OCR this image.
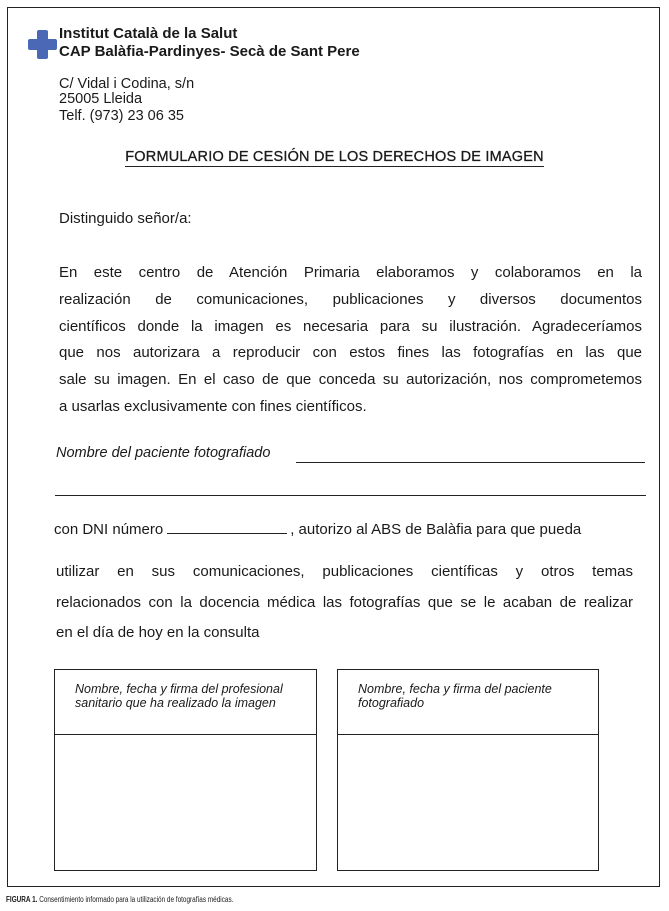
Institut Català de la Salut
CAP Balàfia-Pardinyes- Secà de Sant Pere
C/ Vidal i Codina, s/n
25005 Lleida
Telf. (973) 23 06 35
FORMULARIO DE CESIÓN DE LOS DERECHOS DE IMAGEN
Distinguido señor/a:
En este centro de Atención Primaria elaboramos y colaboramos en la
realización de comunicaciones, publicaciones y diversos documentos
científicos donde la imagen es necesaria para su ilustración. Agradeceríamos
que nos autorizara a reproducir con estos fines las fotografías en las que
sale su imagen. En el caso de que conceda su autorización, nos comprometemos
a usarlas exclusivamente con fines científicos.
Nombre del paciente fotografiado
con DNI número	, autorizo al ABS de Balàfia para que pueda
utilizar en sus comunicaciones, publicaciones científicas y otros temas
relacionados con la docencia médica las fotografías que se le acaban de realizar
en el día de hoy en la consulta
Nombre, fecha y firma del profesional
sanitario que ha realizado la imagen
Nombre, fecha y firma del paciente
fotografiado
FIGURA 1. Consentimiento informado para la utilización de fotografías médicas.
